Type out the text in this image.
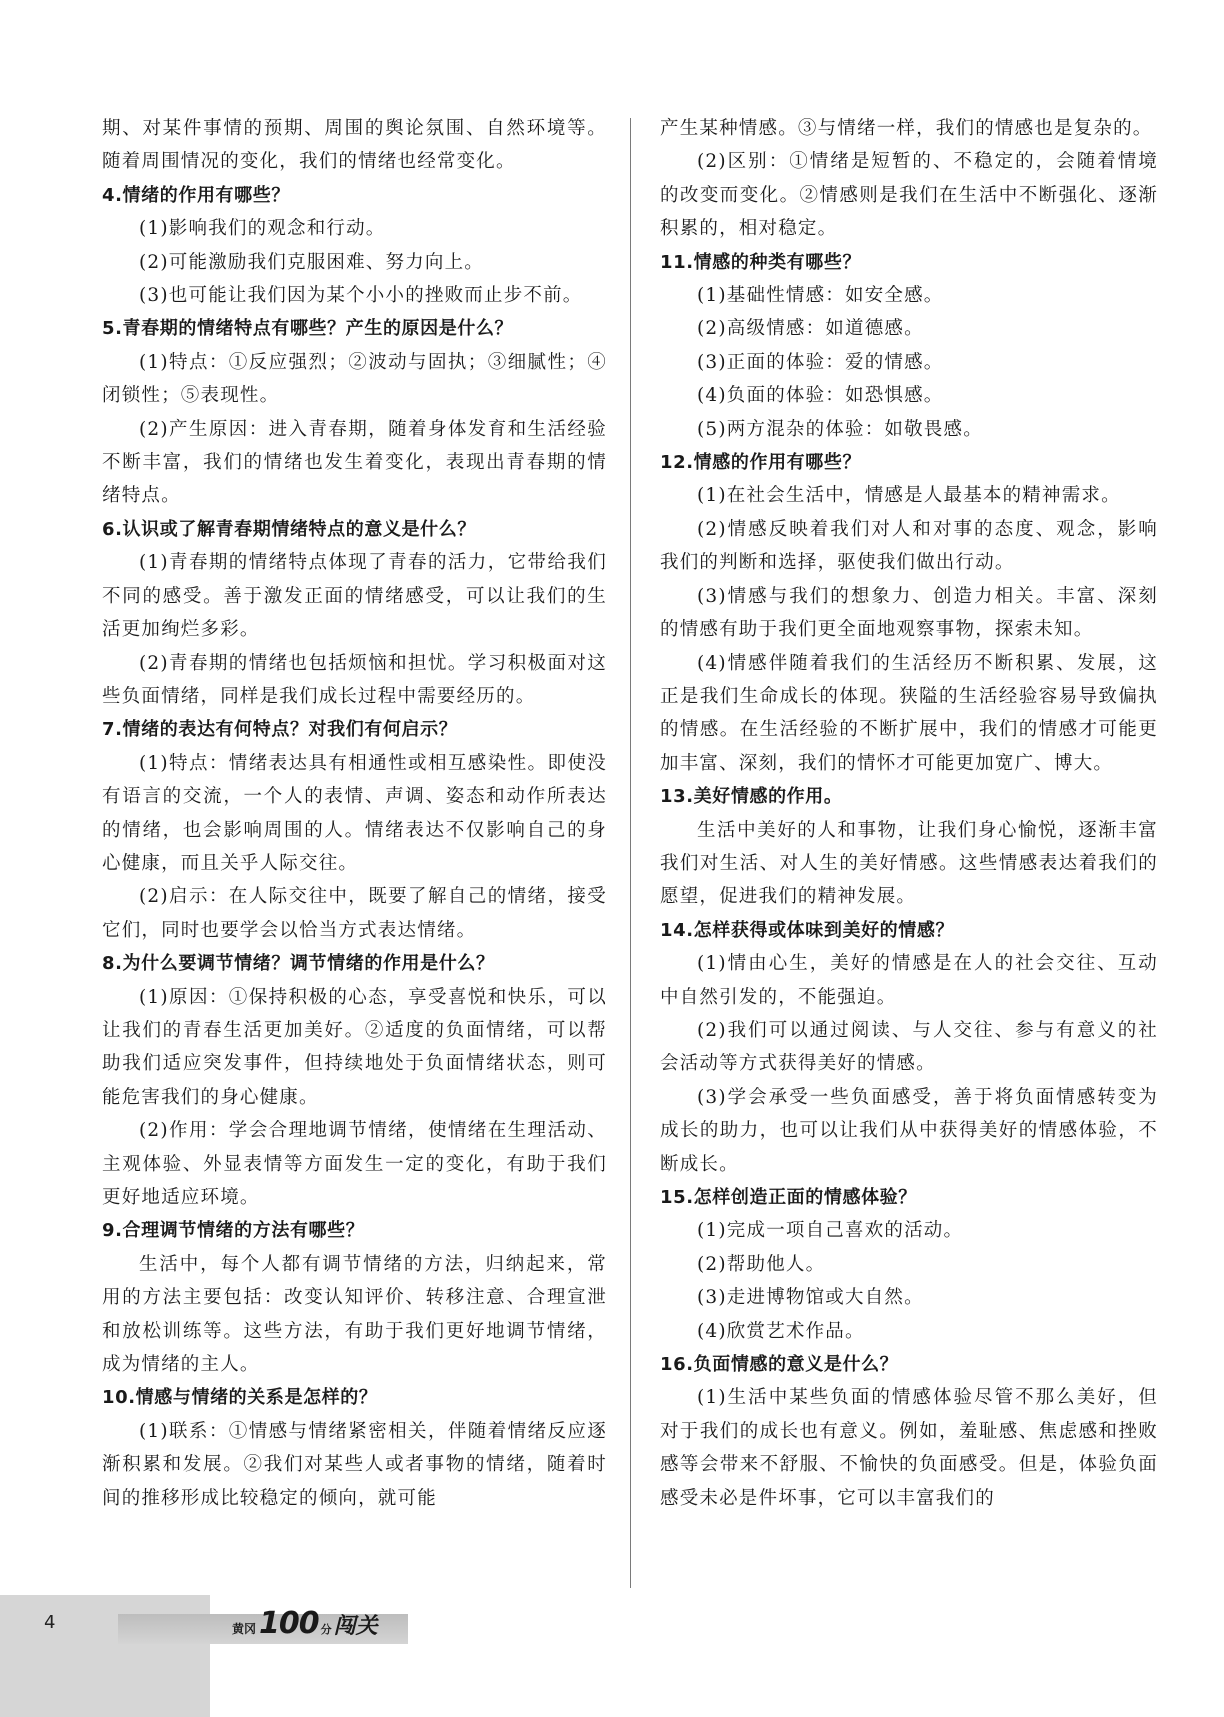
期、对某件事情的预期、周围的舆论氛围、自然环境等。随着周围情况的变化，我们的情绪也经常变化。

4.情绪的作用有哪些？

(1)影响我们的观念和行动。

(2)可能激励我们克服困难、努力向上。

(3)也可能让我们因为某个小小的挫败而止步不前。

5.青春期的情绪特点有哪些？产生的原因是什么？

(1)特点：①反应强烈；②波动与固执；③细腻性；④闭锁性；⑤表现性。

(2)产生原因：进入青春期，随着身体发育和生活经验不断丰富，我们的情绪也发生着变化，表现出青春期的情绪特点。

6.认识或了解青春期情绪特点的意义是什么？

(1)青春期的情绪特点体现了青春的活力，它带给我们不同的感受。善于激发正面的情绪感受，可以让我们的生活更加绚烂多彩。

(2)青春期的情绪也包括烦恼和担忧。学习积极面对这些负面情绪，同样是我们成长过程中需要经历的。

7.情绪的表达有何特点？对我们有何启示？

(1)特点：情绪表达具有相通性或相互感染性。即使没有语言的交流，一个人的表情、声调、姿态和动作所表达的情绪，也会影响周围的人。情绪表达不仅影响自己的身心健康，而且关乎人际交往。

(2)启示：在人际交往中，既要了解自己的情绪，接受它们，同时也要学会以恰当方式表达情绪。

8.为什么要调节情绪？调节情绪的作用是什么？

(1)原因：①保持积极的心态，享受喜悦和快乐，可以让我们的青春生活更加美好。②适度的负面情绪，可以帮助我们适应突发事件，但持续地处于负面情绪状态，则可能危害我们的身心健康。

(2)作用：学会合理地调节情绪，使情绪在生理活动、主观体验、外显表情等方面发生一定的变化，有助于我们更好地适应环境。

9.合理调节情绪的方法有哪些？

生活中，每个人都有调节情绪的方法，归纳起来，常用的方法主要包括：改变认知评价、转移注意、合理宣泄和放松训练等。这些方法，有助于我们更好地调节情绪，成为情绪的主人。

10.情感与情绪的关系是怎样的？

(1)联系：①情感与情绪紧密相关，伴随着情绪反应逐渐积累和发展。②我们对某些人或者事物的情绪，随着时间的推移形成比较稳定的倾向，就可能

产生某种情感。③与情绪一样，我们的情感也是复杂的。

(2)区别：①情绪是短暂的、不稳定的，会随着情境的改变而变化。②情感则是我们在生活中不断强化、逐渐积累的，相对稳定。

11.情感的种类有哪些？

(1)基础性情感：如安全感。

(2)高级情感：如道德感。

(3)正面的体验：爱的情感。

(4)负面的体验：如恐惧感。

(5)两方混杂的体验：如敬畏感。

12.情感的作用有哪些？

(1)在社会生活中，情感是人最基本的精神需求。

(2)情感反映着我们对人和对事的态度、观念，影响我们的判断和选择，驱使我们做出行动。

(3)情感与我们的想象力、创造力相关。丰富、深刻的情感有助于我们更全面地观察事物，探索未知。

(4)情感伴随着我们的生活经历不断积累、发展，这正是我们生命成长的体现。狭隘的生活经验容易导致偏执的情感。在生活经验的不断扩展中，我们的情感才可能更加丰富、深刻，我们的情怀才可能更加宽广、博大。

13.美好情感的作用。

生活中美好的人和事物，让我们身心愉悦，逐渐丰富我们对生活、对人生的美好情感。这些情感表达着我们的愿望，促进我们的精神发展。

14.怎样获得或体味到美好的情感？

(1)情由心生，美好的情感是在人的社会交往、互动中自然引发的，不能强迫。

(2)我们可以通过阅读、与人交往、参与有意义的社会活动等方式获得美好的情感。

(3)学会承受一些负面感受，善于将负面情感转变为成长的助力，也可以让我们从中获得美好的情感体验，不断成长。

15.怎样创造正面的情感体验？

(1)完成一项自己喜欢的活动。

(2)帮助他人。

(3)走进博物馆或大自然。

(4)欣赏艺术作品。

16.负面情感的意义是什么？

(1)生活中某些负面的情感体验尽管不那么美好，但对于我们的成长也有意义。例如，羞耻感、焦虑感和挫败感等会带来不舒服、不愉快的负面感受。但是，体验负面感受未必是件坏事，它可以丰富我们的

4	黄冈 100 分 闯关
